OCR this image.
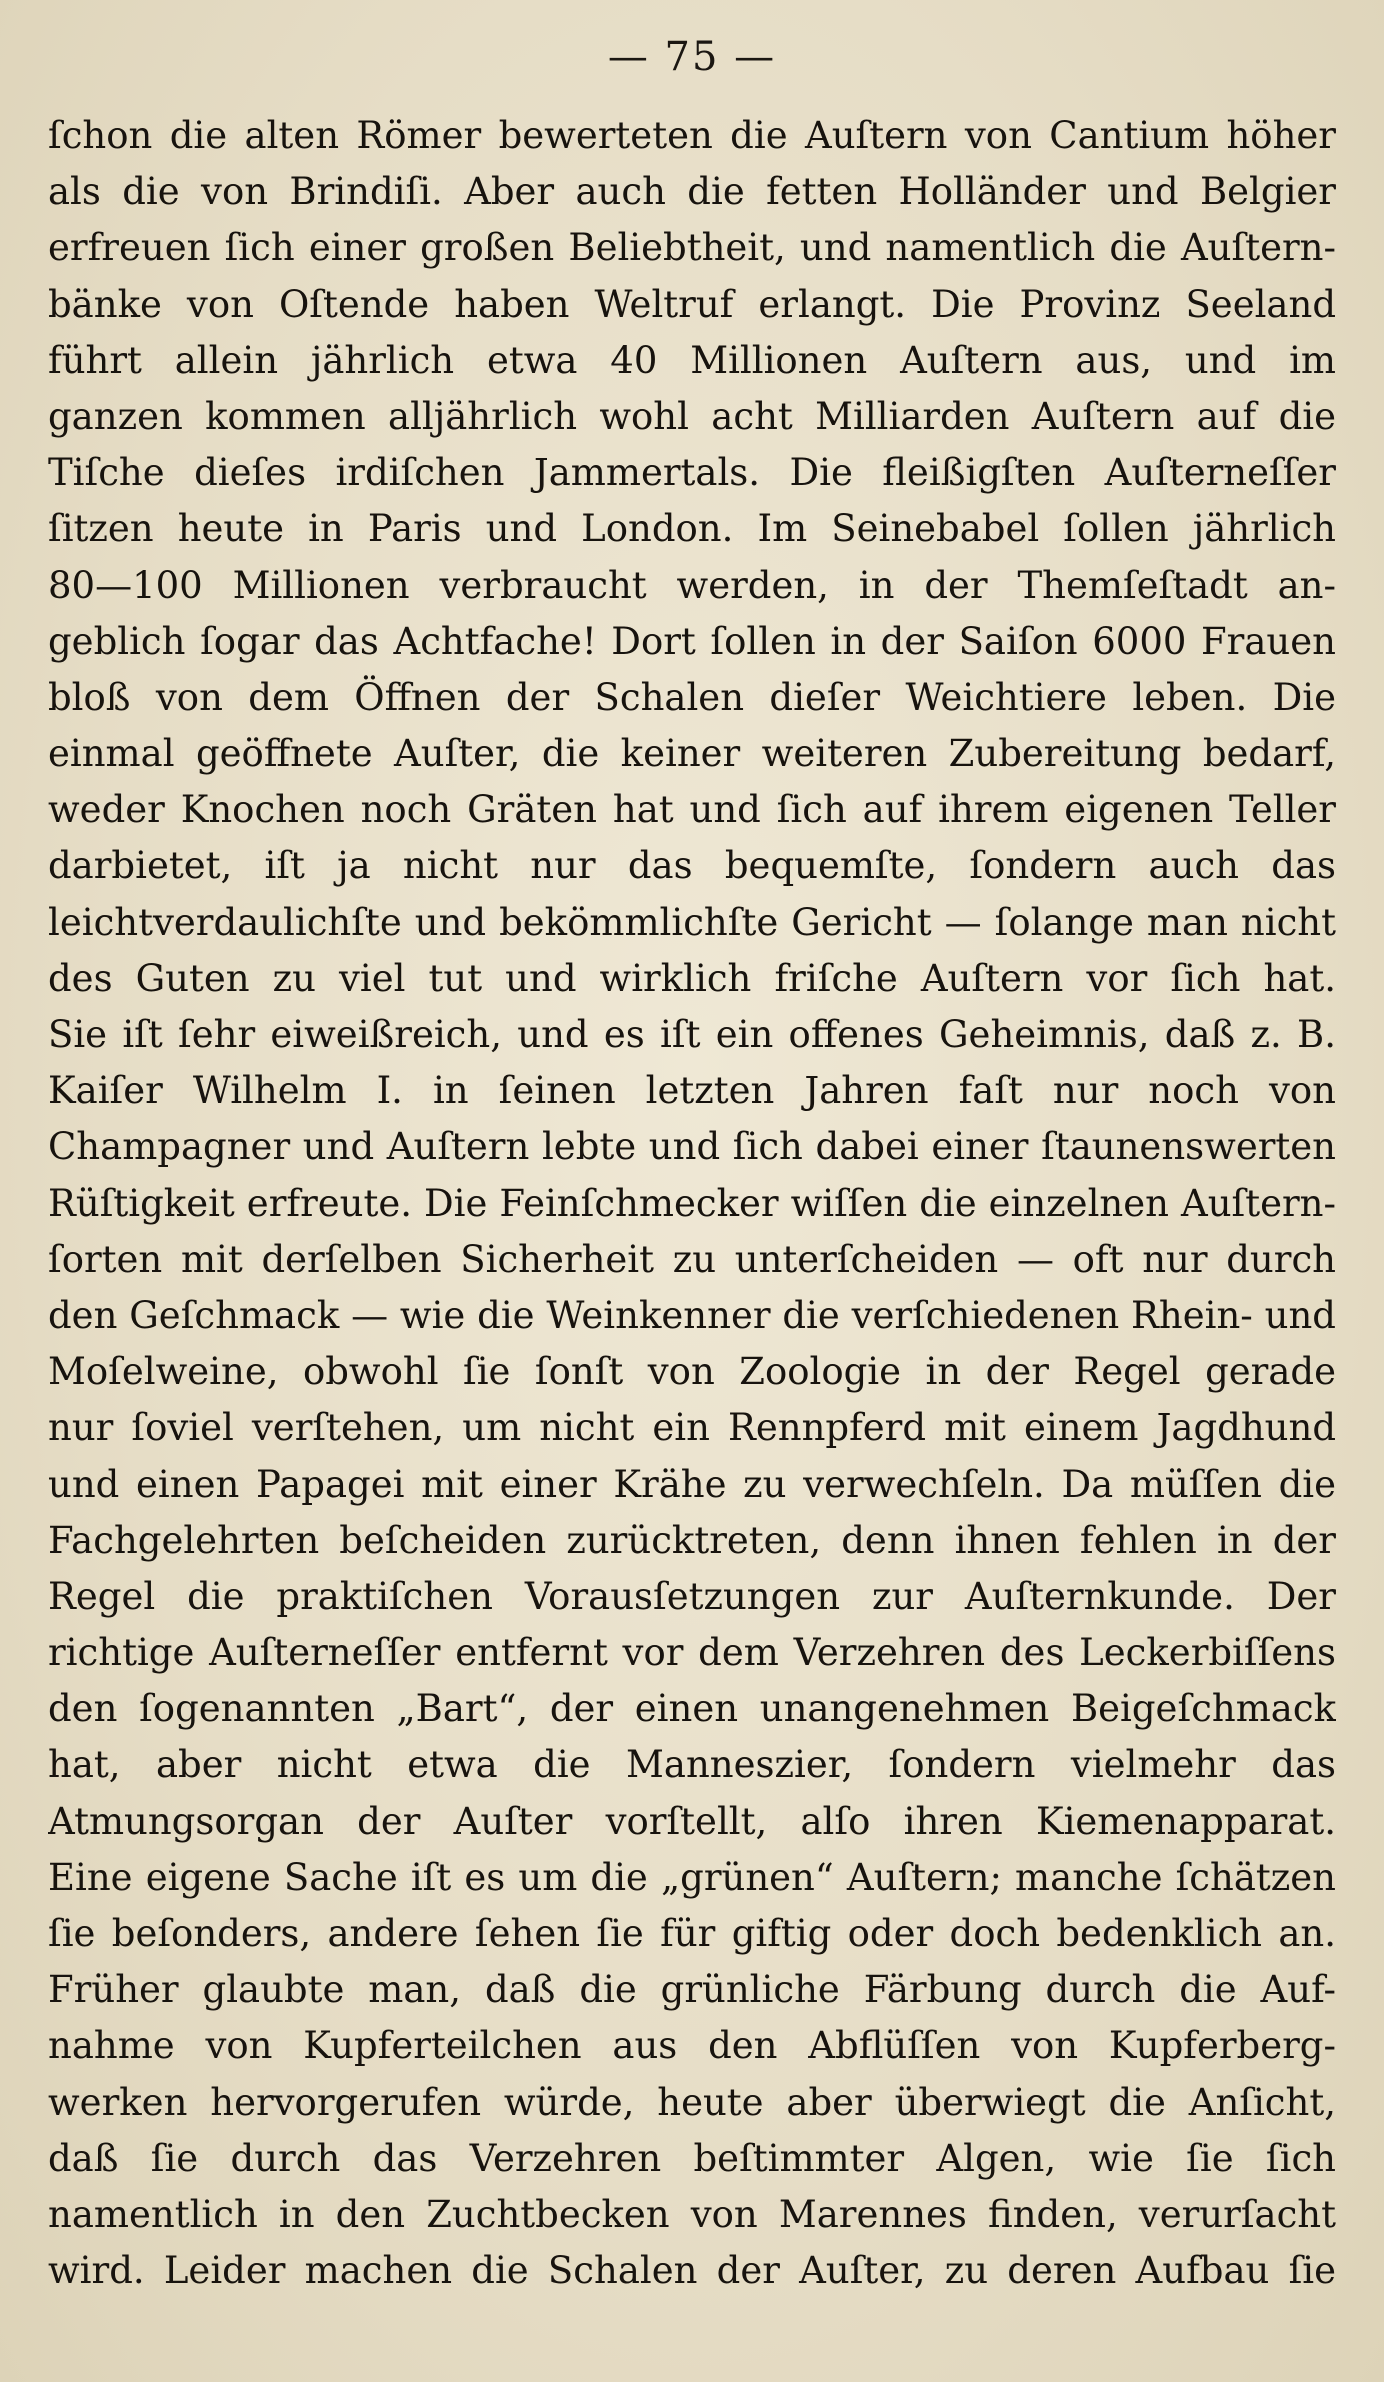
— 75 —
ſchon die alten Römer bewerteten die Auſtern von Cantium höher
als die von Brindiſi. Aber auch die fetten Holländer und Belgier
erfreuen ſich einer großen Beliebtheit, und namentlich die Auſtern-
bänke von Oſtende haben Weltruf erlangt. Die Provinz Seeland
führt allein jährlich etwa 40 Millionen Auſtern aus, und im
ganzen kommen alljährlich wohl acht Milliarden Auſtern auf die
Tiſche dieſes irdiſchen Jammertals. Die fleißigſten Auſterneſſer
ſitzen heute in Paris und London. Im Seinebabel ſollen jährlich
80—100 Millionen verbraucht werden, in der Themſeſtadt an-
geblich ſogar das Achtfache! Dort ſollen in der Saiſon 6000 Frauen
bloß von dem Öffnen der Schalen dieſer Weichtiere leben. Die
einmal geöffnete Auſter, die keiner weiteren Zubereitung bedarf,
weder Knochen noch Gräten hat und ſich auf ihrem eigenen Teller
darbietet, iſt ja nicht nur das bequemſte, ſondern auch das
leichtverdaulichſte und bekömmlichſte Gericht — ſolange man nicht
des Guten zu viel tut und wirklich friſche Auſtern vor ſich hat.
Sie iſt ſehr eiweißreich, und es iſt ein offenes Geheimnis, daß z. B.
Kaiſer Wilhelm I. in ſeinen letzten Jahren faſt nur noch von
Champagner und Auſtern lebte und ſich dabei einer ſtaunenswerten
Rüſtigkeit erfreute. Die Feinſchmecker wiſſen die einzelnen Auſtern-
ſorten mit derſelben Sicherheit zu unterſcheiden — oft nur durch
den Geſchmack — wie die Weinkenner die verſchiedenen Rhein- und
Moſelweine, obwohl ſie ſonſt von Zoologie in der Regel gerade
nur ſoviel verſtehen, um nicht ein Rennpferd mit einem Jagdhund
und einen Papagei mit einer Krähe zu verwechſeln. Da müſſen die
Fachgelehrten beſcheiden zurücktreten, denn ihnen fehlen in der
Regel die praktiſchen Vorausſetzungen zur Auſternkunde. Der
richtige Auſterneſſer entfernt vor dem Verzehren des Leckerbiſſens
den ſogenannten „Bart“, der einen unangenehmen Beigeſchmack
hat, aber nicht etwa die Manneszier, ſondern vielmehr das
Atmungsorgan der Auſter vorſtellt, alſo ihren Kiemenapparat.
Eine eigene Sache iſt es um die „grünen“ Auſtern; manche ſchätzen
ſie beſonders, andere ſehen ſie für giftig oder doch bedenklich an.
Früher glaubte man, daß die grünliche Färbung durch die Auf-
nahme von Kupferteilchen aus den Abflüſſen von Kupferberg-
werken hervorgerufen würde, heute aber überwiegt die Anſicht,
daß ſie durch das Verzehren beſtimmter Algen, wie ſie ſich
namentlich in den Zuchtbecken von Marennes finden, verurſacht
wird. Leider machen die Schalen der Auſter, zu deren Aufbau ſie
